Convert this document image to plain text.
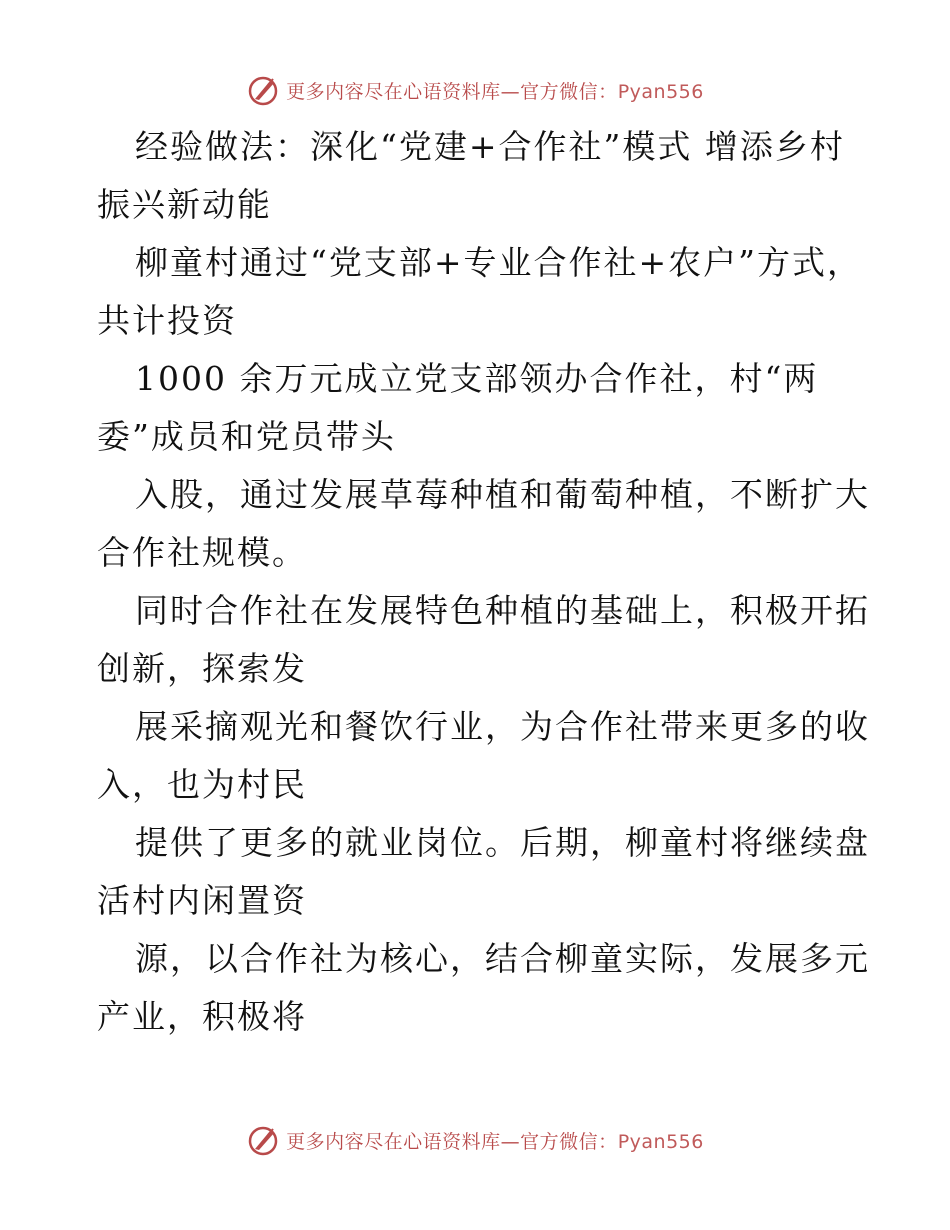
更多内容尽在心语资料库—官方微信：Pyan556
经验做法：深化“党建+合作社”模式 增添乡村
振兴新动能
柳童村通过“党支部+专业合作社+农户”方式，
共计投资
1000 余万元成立党支部领办合作社，村“两
委”成员和党员带头
入股，通过发展草莓种植和葡萄种植，不断扩大
合作社规模。
同时合作社在发展特色种植的基础上，积极开拓
创新，探索发
展采摘观光和餐饮行业，为合作社带来更多的收
入，也为村民
提供了更多的就业岗位。后期，柳童村将继续盘
活村内闲置资
源，以合作社为核心，结合柳童实际，发展多元
产业，积极将
更多内容尽在心语资料库—官方微信：Pyan556
